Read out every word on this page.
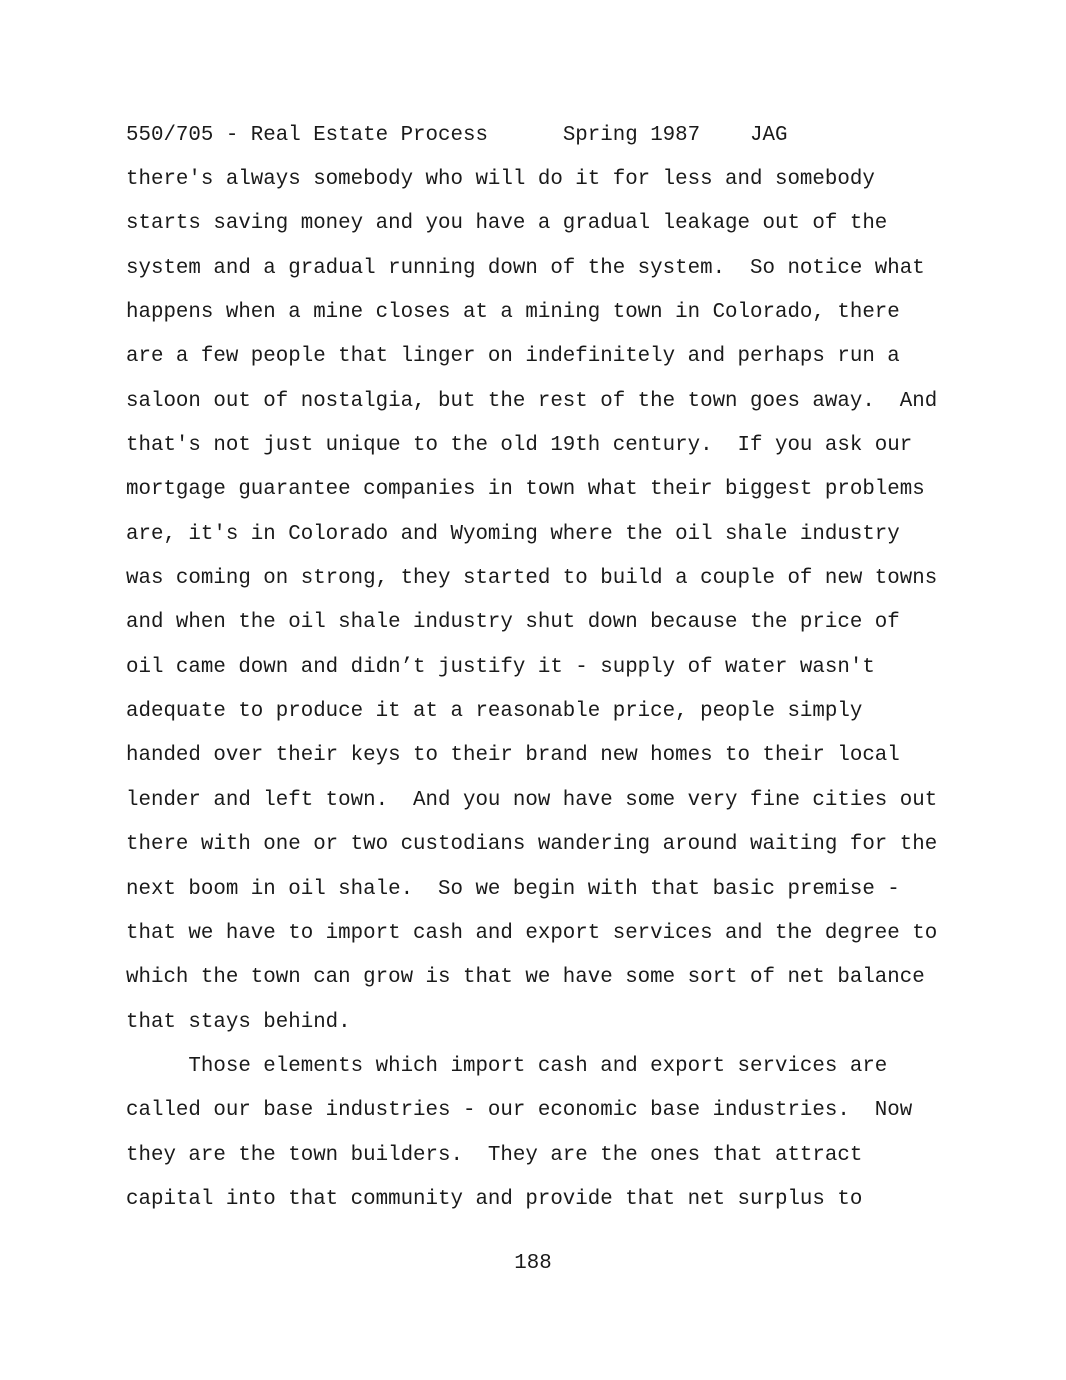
550/705 - Real Estate Process	Spring 1987 JAG
there's always somebody who will do it for less and somebody
starts saving money and you have a gradual leakage out of the
system and a gradual running down of the system.  So notice what
happens when a mine closes at a mining town in Colorado, there
are a few people that linger on indefinitely and perhaps run a
saloon out of nostalgia, but the rest of the town goes away.  And
that's not just unique to the old 19th century.  If you ask our
mortgage guarantee companies in town what their biggest problems
are, it's in Colorado and Wyoming where the oil shale industry
was coming on strong, they started to build a couple of new towns
and when the oil shale industry shut down because the price of
oil came down and didn’t justify it - supply of water wasn't
adequate to produce it at a reasonable price, people simply
handed over their keys to their brand new homes to their local
lender and left town.  And you now have some very fine cities out
there with one or two custodians wandering around waiting for the
next boom in oil shale.  So we begin with that basic premise -
that we have to import cash and export services and the degree to
which the town can grow is that we have some sort of net balance
that stays behind.
Those elements which import cash and export services are
called our base industries - our economic base industries.  Now
they are the town builders.  They are the ones that attract
capital into that community and provide that net surplus to
188
